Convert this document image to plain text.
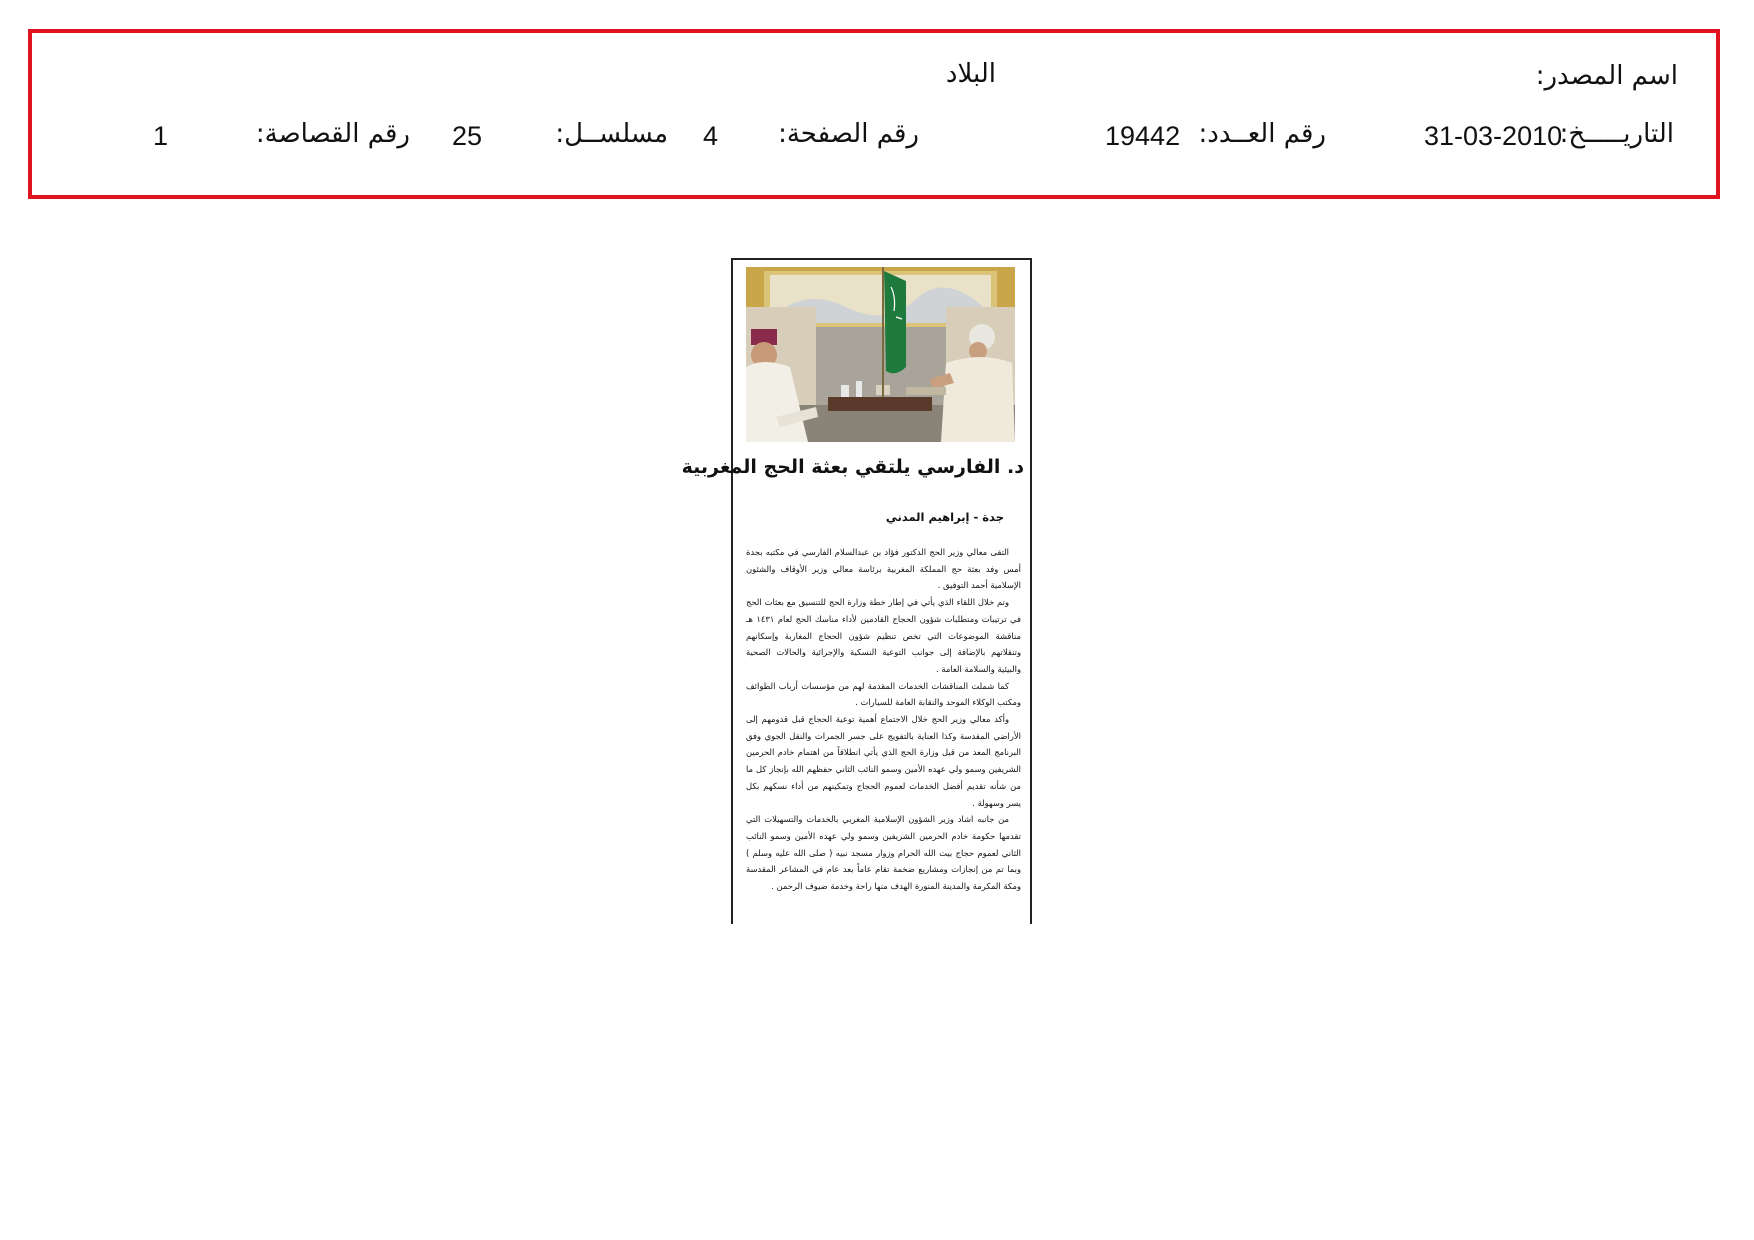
اسم المصدر:
البلاد
التاريـــــخ:
31-03-2010
رقم العــدد:
19442
رقم الصفحة:
4
مسلســل:
25
رقم القصاصة:
1
د. الفارسي يلتقي بعثة الحج المغربية
جدة - إبراهيم المدني

التقى معالي وزير الحج الدكتور فؤاد بن عبدالسلام الفارسي في مكتبه بجدة أمس وفد بعثة حج المملكة المغربية برئاسة معالي وزير الأوقاف والشئون الإسلامية أحمد التوفيق .

وتم خلال اللقاء الذي يأتي في إطار خطة وزارة الحج للتنسيق مع بعثات الحج في ترتيبات ومتطلبات شؤون الحجاج القادمين لأداء مناسك الحج لعام ١٤٣١ هـ مناقشة الموضوعات التي تخص تنظيم شؤون الحجاج المغاربة وإسكانهم وتنقلاتهم بالإضافة إلى جوانب التوعية النسكية والإجرائية والحالات الصحية والبيئية والسلامة العامة .

كما شملت المناقشات الخدمات المقدمة لهم من مؤسسات أرباب الطوائف ومكتب الوكلاء الموحد والنقابة العامة للسيارات .

وأكد معالي وزير الحج خلال الاجتماع أهمية توعية الحجاج قبل قدومهم إلى الأراضي المقدسة وكذا العناية بالتفويج على جسر الجمرات والنقل الجوي وفق البرنامج المعد من قبل وزارة الحج الذي يأتي انطلاقاً من اهتمام خادم الحرمين الشريفين وسمو ولي عهده الأمين وسمو النائب الثاني حفظهم الله بإنجاز كل ما من شأنه تقديم أفضل الخدمات لعموم الحجاج وتمكينهم من أداء نسكهم بكل يسر وسهولة .

من جانبه اشاد وزير الشؤون الإسلامية المغربي بالخدمات والتسهيلات التي تقدمها حكومة خادم الحرمين الشريفين وسمو ولي عهده الأمين وسمو النائب الثاني لعموم حجاج بيت الله الحرام وزوار مسجد نبيه ( صلى الله عليه وسلم ) وبما تم من إنجازات ومشاريع ضخمة تقام عاماً بعد عام في المشاعر المقدسة ومكة المكرمة والمدينة المنورة الهدف منها راحة وخدمة ضيوف الرحمن .
